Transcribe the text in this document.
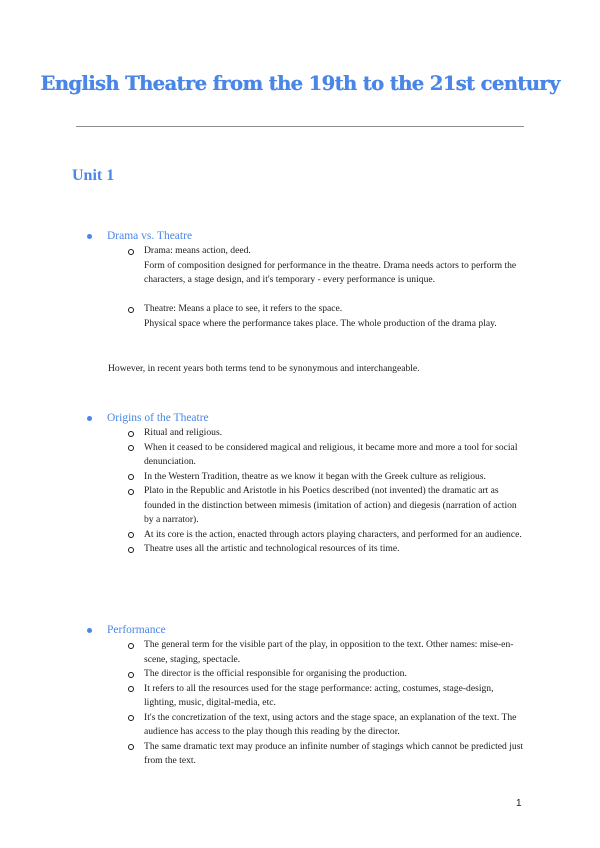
English Theatre from the 19th to the 21st century
Unit 1
Drama vs. Theatre
Drama: means action, deed.
Form of composition designed for performance in the theatre. Drama needs actors to perform the characters, a stage design, and it's temporary - every performance is unique.
Theatre: Means a place to see, it refers to the space.
Physical space where the performance takes place. The whole production of the drama play.
However, in recent years both terms tend to be synonymous and interchangeable.
Origins of the Theatre
Ritual and religious.
When it ceased to be considered magical and religious, it became more and more a tool for social denunciation.
In the Western Tradition, theatre as we know it began with the Greek culture as religious.
Plato in the Republic and Aristotle in his Poetics described (not invented) the dramatic art as founded in the distinction between mimesis (imitation of action) and diegesis (narration of action by a narrator).
At its core is the action, enacted through actors playing characters, and performed for an audience.
Theatre uses all the artistic and technological resources of its time.
Performance
The general term for the visible part of the play, in opposition to the text. Other names: mise-en-scene, staging, spectacle.
The director is the official responsible for organising the production.
It refers to all the resources used for the stage performance: acting, costumes, stage-design, lighting, music, digital-media, etc.
It's the concretization of the text, using actors and the stage space, an explanation of the text. The audience has access to the play though this reading by the director.
The same dramatic text may produce an infinite number of stagings which cannot be predicted just from the text.
1
